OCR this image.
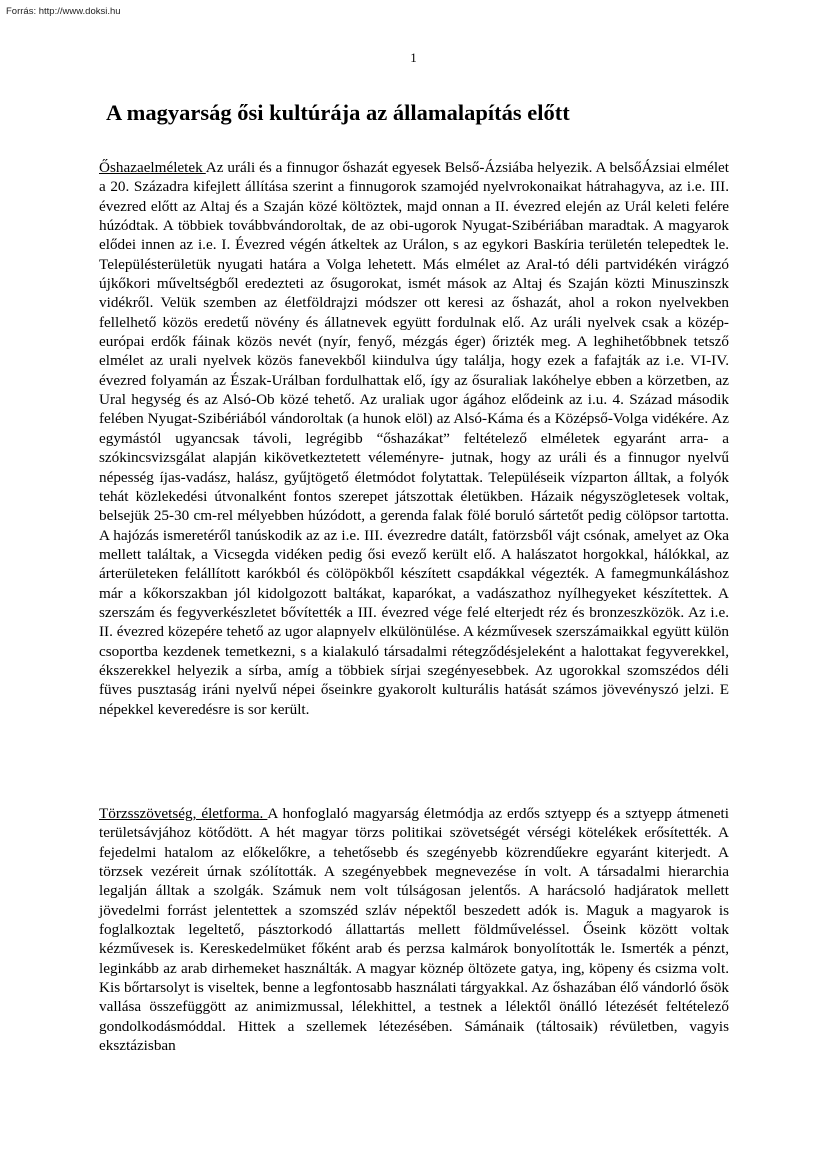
Forrás: http://www.doksi.hu
1
A magyarság ősi kultúrája az államalapítás előtt

Őshazaelméletek Az uráli és a finnugor őshazát egyesek Belső-Ázsiába helyezik. A belsőÁzsiai elmélet a 20. Századra kifejlett állítása szerint a finnugorok szamojéd nyelvrokonaikat hátrahagyva, az i.e. III. évezred előtt az Altaj és a Szaján közé költöztek, majd onnan a II. évezred elején az Urál keleti felére húzódtak. A többiek továbbvándoroltak, de az obi-ugorok Nyugat-Szibériában maradtak. A magyarok elődei innen az i.e. I. Évezred végén átkeltek az Urálon, s az egykori Baskíria területén telepedtek le. Településterületük nyugati határa a Volga lehetett. Más elmélet az Aral-tó déli partvidékén virágzó újkőkori műveltségből eredezteti az ősugorokat, ismét mások az Altaj és Szaján közti Minuszinszk vidékről. Velük szemben az életföldrajzi módszer ott keresi az őshazát, ahol a rokon nyelvekben fellelhető közös eredetű növény és állatnevek együtt fordulnak elő. Az uráli nyelvek csak a közép-európai erdők fáinak közös nevét (nyír, fenyő, mézgás éger) őrizték meg. A leghihetőbbnek tetsző elmélet az urali nyelvek közös fanevekből kiindulva úgy találja, hogy ezek a fafajták az i.e. VI-IV. évezred folyamán az Észak-Urálban fordulhattak elő, így az ősuraliak lakóhelye ebben a körzetben, az Ural hegység és az Alsó-Ob közé tehető. Az uraliak ugor ágához elődeink az i.u. 4. Század második felében Nyugat-Szibériából vándoroltak (a hunok elöl) az Alsó-Káma és a Középső-Volga vidékére. Az egymástól ugyancsak távoli, legrégibb “őshazákat” feltételező elméletek egyaránt arra- a szókincsvizsgálat alapján kikövetkeztetett véleményre- jutnak, hogy az uráli és a finnugor nyelvű népesség íjas-vadász, halász, gyűjtögető életmódot folytattak. Településeik vízparton álltak, a folyók tehát közlekedési útvonalként fontos szerepet játszottak életükben. Házaik négyszögletesek voltak, belsejük 25-30 cm-rel mélyebben húzódott, a gerenda falak fölé boruló sártetőt pedig cölöpsor tartotta. A hajózás ismeretéről tanúskodik az az i.e. III. évezredre datált, fatörzsből vájt csónak, amelyet az Oka mellett találtak, a Vicsegda vidéken pedig ősi evező került elő. A halászatot horgokkal, hálókkal, az árterületeken felállított karókból és cölöpökből készített csapdákkal végezték. A famegmunkáláshoz már a kőkorszakban jól kidolgozott baltákat, kaparókat, a vadászathoz nyílhegyeket készítettek. A szerszám és fegyverkészletet bővítették a III. évezred vége felé elterjedt réz és bronzeszközök. Az i.e. II. évezred közepére tehető az ugor alapnyelv elkülönülése. A kézművesek szerszámaikkal együtt külön csoportba kezdenek temetkezni, s a kialakuló társadalmi rétegződésjeleként a halottakat fegyverekkel, ékszerekkel helyezik a sírba, amíg a többiek sírjai szegényesebbek. Az ugorokkal szomszédos déli füves pusztaság iráni nyelvű népei őseinkre gyakorolt kulturális hatását számos jövevényszó jelzi. E népekkel keveredésre is sor került.

Törzsszövetség, életforma. A honfoglaló magyarság életmódja az erdős sztyepp és a sztyepp átmeneti területsávjához kötődött. A hét magyar törzs politikai szövetségét vérségi kötelékek erősítették. A fejedelmi hatalom az előkelőkre, a tehetősebb és szegényebb közrendűekre egyaránt kiterjedt. A törzsek vezéreit úrnak szólították. A szegényebbek megnevezése ín volt. A társadalmi hierarchia legalján álltak a szolgák. Számuk nem volt túlságosan jelentős. A harácsoló hadjáratok mellett jövedelmi forrást jelentettek a szomszéd szláv népektől beszedett adók is. Maguk a magyarok is foglalkoztak legeltető, pásztorkodó állattartás mellett földműveléssel. Őseink között voltak kézművesek is. Kereskedelmüket főként arab és perzsa kalmárok bonyolították le. Ismerték a pénzt, leginkább az arab dirhemeket használták. A magyar köznép öltözete gatya, ing, köpeny és csizma volt. Kis bőrtarsolyt is viseltek, benne a legfontosabb használati tárgyakkal. Az őshazában élő vándorló ősök vallása összefüggött az animizmussal, lélekhittel, a testnek a lélektől önálló létezését feltételező gondolkodásmóddal. Hittek a szellemek létezésében. Sámánaik (táltosaik) révületben, vagyis eksztázisban
